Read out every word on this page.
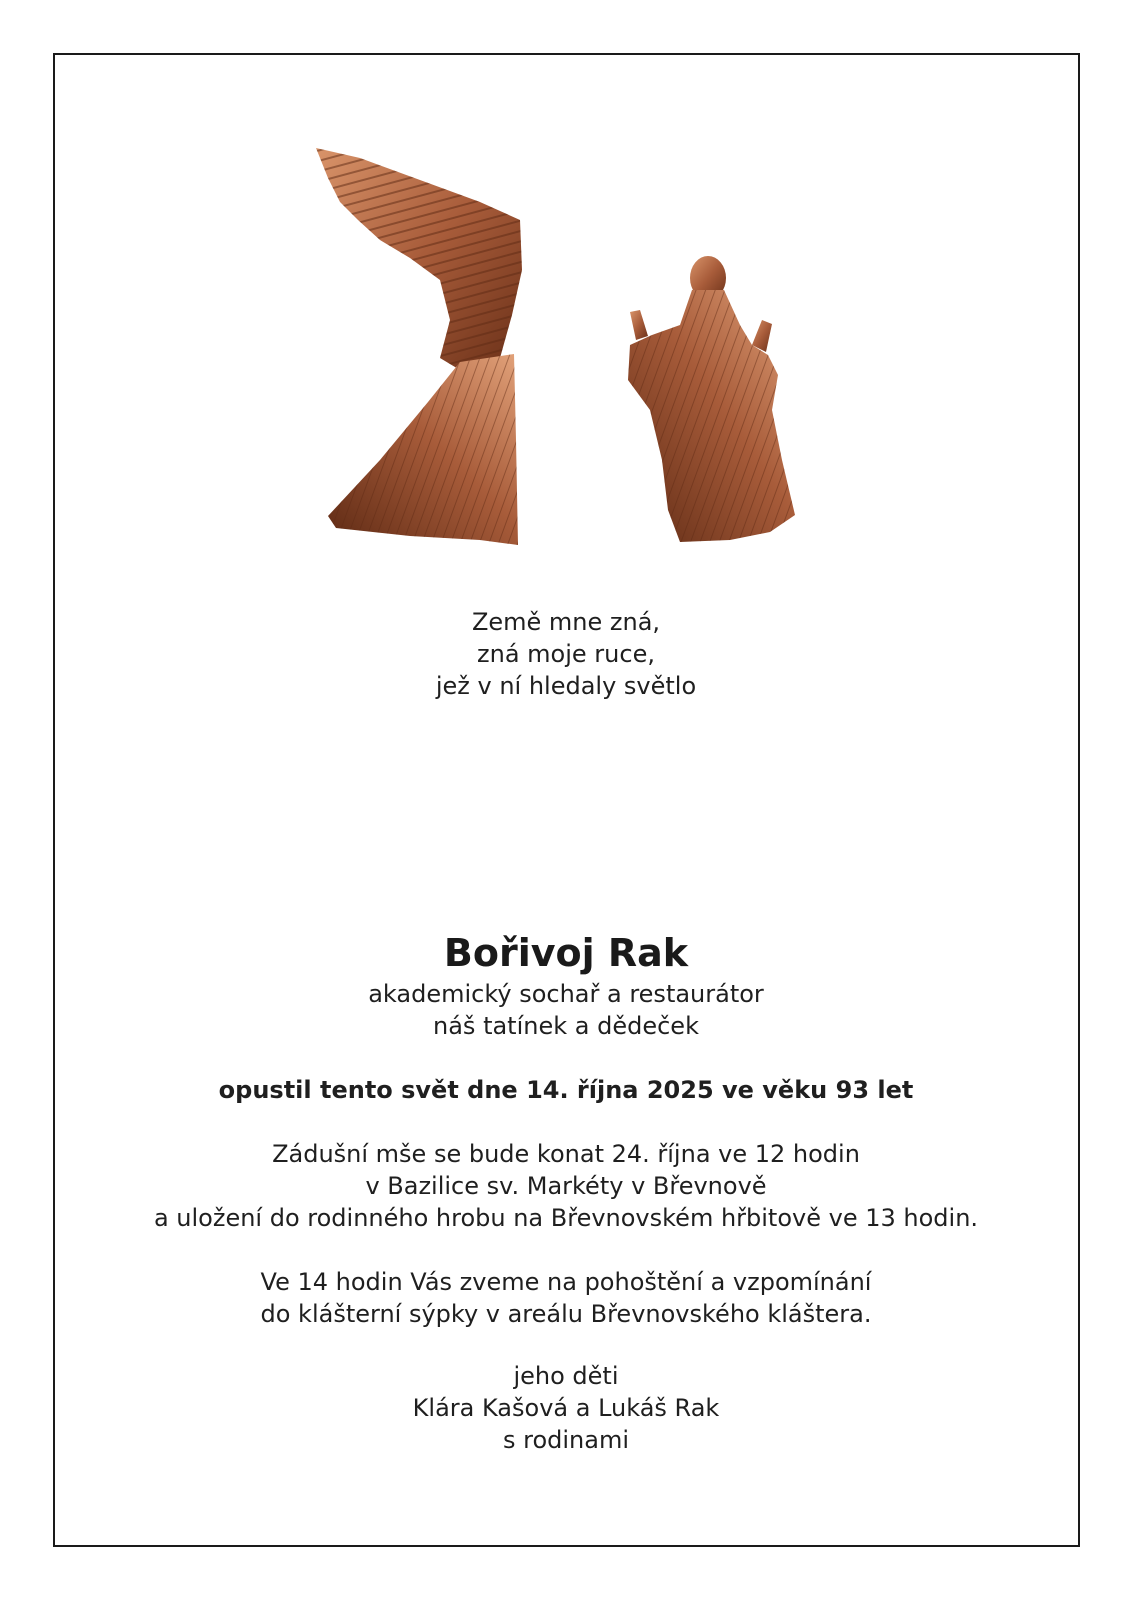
Země mne zná,
zná moje ruce,
jež v ní hledaly světlo
Bořivoj Rak
akademický sochař a restaurátor
náš tatínek a dědeček
opustil tento svět dne 14. října 2025 ve věku 93 let
Zádušní mše se bude konat 24. října ve 12 hodin
v Bazilice sv. Markéty v Břevnově
a uložení do rodinného hrobu na Břevnovském hřbitově ve 13 hodin.
Ve 14 hodin Vás zveme na pohoštění a vzpomínání
do klášterní sýpky v areálu Břevnovského kláštera.
jeho děti
Klára Kašová a Lukáš Rak
s rodinami
